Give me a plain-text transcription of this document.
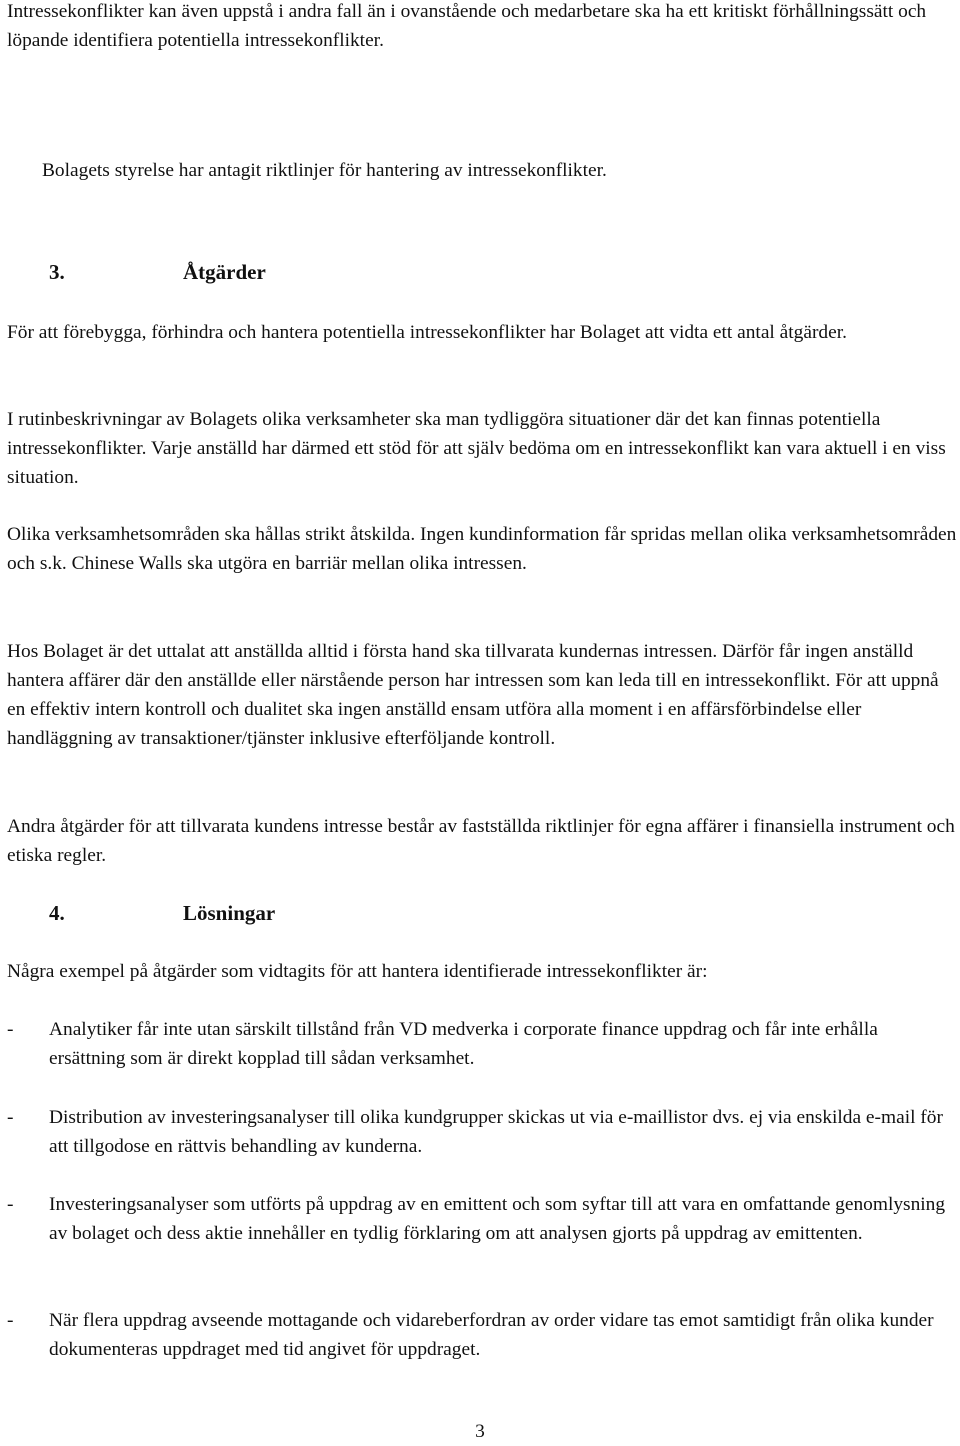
Intressekonflikter kan även uppstå i andra fall än i ovanstående och medarbetare ska ha ett kritiskt förhållningssätt och löpande identifiera potentiella intressekonflikter.

Bolagets styrelse har antagit riktlinjer för hantering av intressekonflikter.

3.	Åtgärder

För att förebygga, förhindra och hantera potentiella intressekonflikter har Bolaget att vidta ett antal åtgärder.

I rutinbeskrivningar av Bolagets olika verksamheter ska man tydliggöra situationer där det kan finnas potentiella intressekonflikter. Varje anställd har därmed ett stöd för att själv bedöma om en intressekonflikt kan vara aktuell i en viss situation.

Olika verksamhetsområden ska hållas strikt åtskilda. Ingen kundinformation får spridas mellan olika verksamhetsområden och s.k. Chinese Walls ska utgöra en barriär mellan olika intressen.

Hos Bolaget är det uttalat att anställda alltid i första hand ska tillvarata kundernas intressen. Därför får ingen anställd hantera affärer där den anställde eller närstående person har intressen som kan leda till en intressekonflikt. För att uppnå en effektiv intern kontroll och dualitet ska ingen anställd ensam utföra alla moment i en affärsförbindelse eller handläggning av transaktioner/tjänster inklusive efterföljande kontroll.

Andra åtgärder för att tillvarata kundens intresse består av fastställda riktlinjer för egna affärer i finansiella instrument och etiska regler.

4.	Lösningar

Några exempel på åtgärder som vidtagits för att hantera identifierade intressekonflikter är:

- Analytiker får inte utan särskilt tillstånd från VD medverka i corporate finance uppdrag och får inte erhålla ersättning som är direkt kopplad till sådan verksamhet.
- Distribution av investeringsanalyser till olika kundgrupper skickas ut via e-maillistor dvs. ej via enskilda e-mail för att tillgodose en rättvis behandling av kunderna.
- Investeringsanalyser som utförts på uppdrag av en emittent och som syftar till att vara en omfattande genomlysning av bolaget och dess aktie innehåller en tydlig förklaring om att analysen gjorts på uppdrag av emittenten.
- När flera uppdrag avseende mottagande och vidareberfordran av order vidare tas emot samtidigt från olika kunder dokumenteras uppdraget med tid angivet för uppdraget.
3
